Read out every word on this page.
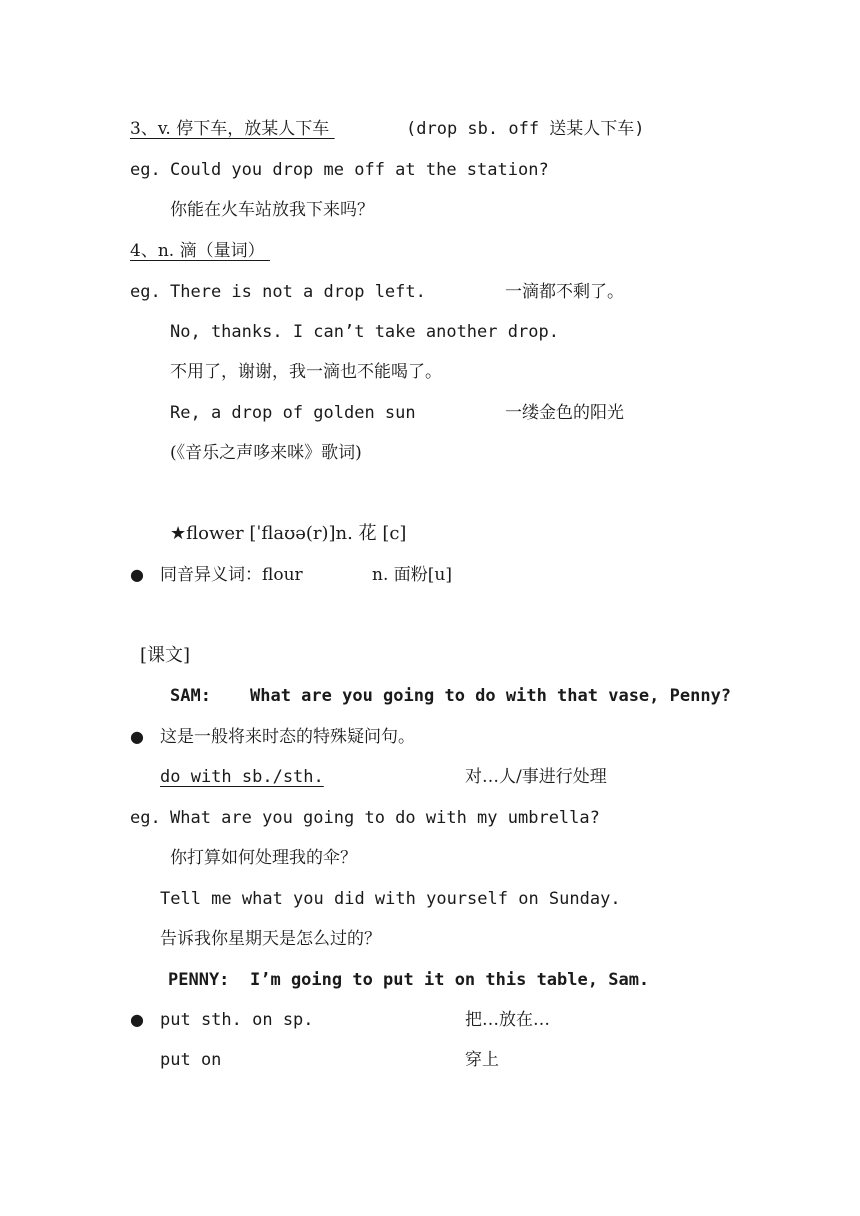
3、v. 停下车，放某人下车	(drop sb. off 送某人下车)
eg. Could you drop me off at the station?
你能在火车站放我下来吗？
4、n. 滴（量词）
eg. There is not a drop left.	一滴都不剩了。
No, thanks. I can’t take another drop.
不用了，谢谢，我一滴也不能喝了。
Re, a drop of golden sun	一缕金色的阳光
(《音乐之声哆来咪》歌词)
★flower [ˈflaʊə(r)]n. 花 [c]
● 同音异义词：flour	n. 面粉[u]
[课文]
SAM: What are you going to do with that vase, Penny?
● 这是一般将来时态的特殊疑问句。
do with sb./sth.	对…人/事进行处理
eg. What are you going to do with my umbrella?
你打算如何处理我的伞？
Tell me what you did with yourself on Sunday.
告诉我你星期天是怎么过的？
PENNY: I’m going to put it on this table, Sam.
● put sth. on sp.	把…放在…
put on	穿上
